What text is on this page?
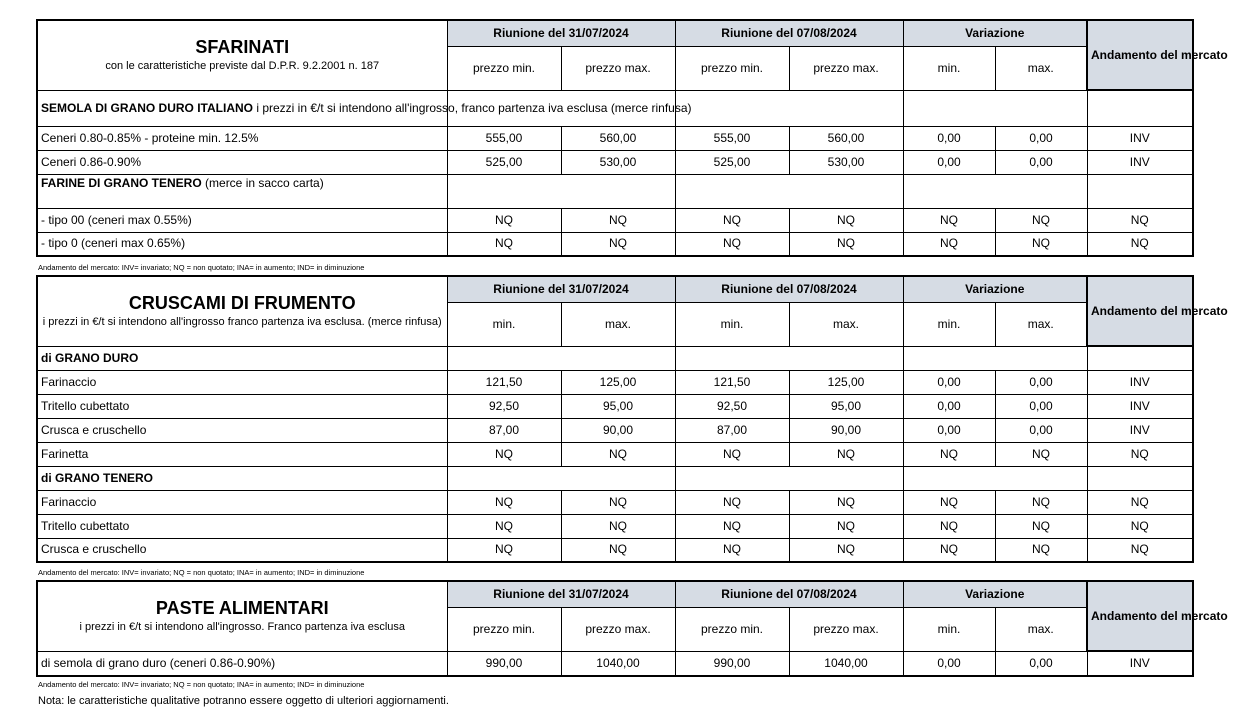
SFARINATI
con le caratteristiche previste dal D.P.R. 9.2.2001 n. 187	Riunione del 31/07/2024		Riunione del 07/08/2024		Variazione		Andamento del mercato
	prezzo min.	prezzo max.	prezzo min.	prezzo max.	min.	max.	
SEMOLA DI GRANO DURO ITALIANO i prezzi in €/t si intendono all'ingrosso, franco partenza iva esclusa (merce rinfusa)							
Ceneri 0.80-0.85% - proteine min. 12.5%	555,00	560,00	555,00	560,00	0,00	0,00	INV
Ceneri 0.86-0.90%	525,00	530,00	525,00	530,00	0,00	0,00	INV
FARINE DI GRANO TENERO (merce in sacco carta)							
- tipo 00 (ceneri max 0.55%)	NQ	NQ	NQ	NQ	NQ	NQ	NQ
- tipo 0 (ceneri max 0.65%)	NQ	NQ	NQ	NQ	NQ	NQ	NQ
Andamento del mercato: INV= invariato; NQ = non quotato; INA= in aumento; IND= in diminuzione
CRUSCAMI DI FRUMENTO
i prezzi in €/t si intendono all'ingrosso franco partenza iva esclusa. (merce rinfusa)	Riunione del 31/07/2024		Riunione del 07/08/2024		Variazione		Andamento del mercato
	min.	max.	min.	max.	min.	max.	
di GRANO DURO							
Farinaccio	121,50	125,00	121,50	125,00	0,00	0,00	INV
Tritello cubettato	92,50	95,00	92,50	95,00	0,00	0,00	INV
Crusca e cruschello	87,00	90,00	87,00	90,00	0,00	0,00	INV
Farinetta	NQ	NQ	NQ	NQ	NQ	NQ	NQ
di GRANO TENERO							
Farinaccio	NQ	NQ	NQ	NQ	NQ	NQ	NQ
Tritello cubettato	NQ	NQ	NQ	NQ	NQ	NQ	NQ
Crusca e cruschello	NQ	NQ	NQ	NQ	NQ	NQ	NQ
Andamento del mercato: INV= invariato; NQ = non quotato; INA= in aumento; IND= in diminuzione
PASTE ALIMENTARI
i prezzi in €/t si intendono all'ingrosso. Franco partenza iva esclusa	Riunione del 31/07/2024		Riunione del 07/08/2024		Variazione		Andamento del mercato
	prezzo min.	prezzo max.	prezzo min.	prezzo max.	min.	max.	
di semola di grano duro (ceneri 0.86-0.90%)	990,00	1040,00	990,00	1040,00	0,00	0,00	INV
Andamento del mercato: INV= invariato; NQ = non quotato; INA= in aumento; IND= in diminuzione
Nota: le caratteristiche qualitative potranno essere oggetto di ulteriori aggiornamenti.
